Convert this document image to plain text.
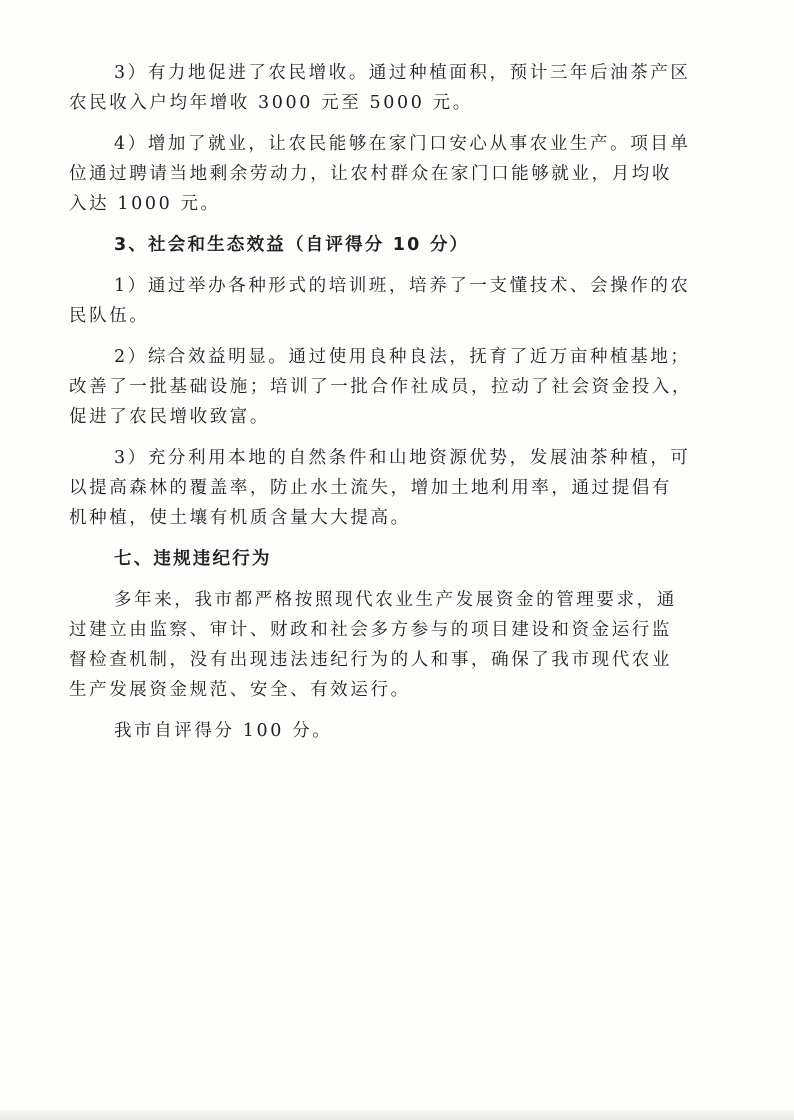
3）有力地促进了农民增收。通过种植面积，预计三年后油茶产区
农民收入户均年增收 3000 元至 5000 元。
4）增加了就业，让农民能够在家门口安心从事农业生产。项目单
位通过聘请当地剩余劳动力，让农村群众在家门口能够就业，月均收
入达 1000 元。
3、社会和生态效益（自评得分 10 分）
1）通过举办各种形式的培训班，培养了一支懂技术、会操作的农
民队伍。
2）综合效益明显。通过使用良种良法，抚育了近万亩种植基地；
改善了一批基础设施；培训了一批合作社成员，拉动了社会资金投入，
促进了农民增收致富。
3）充分利用本地的自然条件和山地资源优势，发展油茶种植，可
以提高森林的覆盖率，防止水土流失，增加土地利用率，通过提倡有
机种植，使土壤有机质含量大大提高。
七、违规违纪行为
多年来，我市都严格按照现代农业生产发展资金的管理要求，通
过建立由监察、审计、财政和社会多方参与的项目建设和资金运行监
督检查机制，没有出现违法违纪行为的人和事，确保了我市现代农业
生产发展资金规范、安全、有效运行。
我市自评得分 100 分。
